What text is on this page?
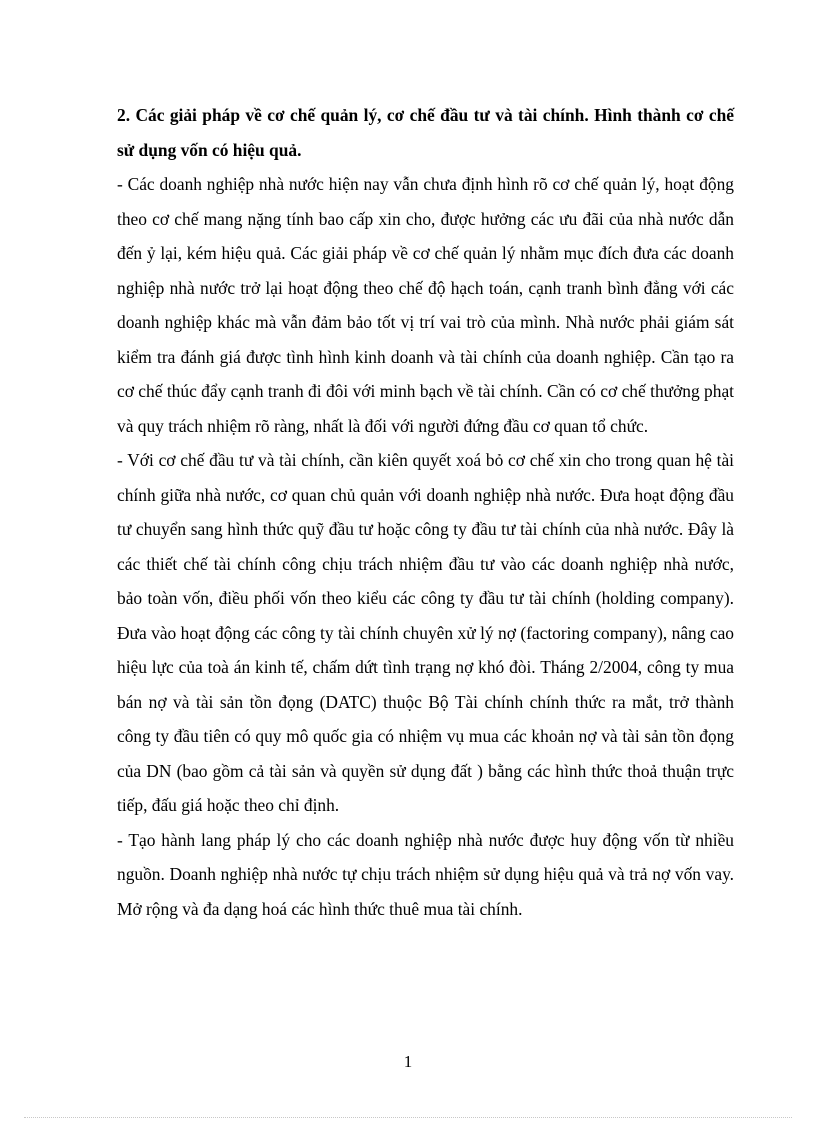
2. Các giải pháp về cơ chế quản lý, cơ chế đầu tư và tài chính. Hình thành cơ chế sử dụng vốn có hiệu quả.

- Các doanh nghiệp nhà nước hiện nay vẫn chưa định hình rõ cơ chế quản lý, hoạt động theo cơ chế mang nặng tính bao cấp xin cho, được hưởng các ưu đãi của nhà nước dẫn đến ỷ lại, kém hiệu quả. Các giải pháp về cơ chế quản lý nhằm mục đích đưa các doanh nghiệp nhà nước trở lại hoạt động theo chế độ hạch toán, cạnh tranh bình đẳng với các doanh nghiệp khác mà vẫn đảm bảo tốt vị trí vai trò của mình. Nhà nước phải giám sát kiểm tra đánh giá được tình hình kinh doanh và tài chính của doanh nghiệp. Cần tạo ra cơ chế thúc đẩy cạnh tranh đi đôi với minh bạch về tài chính. Cần có cơ chế thưởng phạt và quy trách nhiệm rõ ràng, nhất là đối với người đứng đầu cơ quan tổ chức.

- Với cơ chế đầu tư và tài chính, cần kiên quyết xoá bỏ cơ chế xin cho trong quan hệ tài chính giữa nhà nước, cơ quan chủ quản với doanh nghiệp nhà nước. Đưa hoạt động đầu tư chuyển sang hình thức quỹ đầu tư hoặc công ty đầu tư tài chính của nhà nước. Đây là các thiết chế tài chính công chịu trách nhiệm đầu tư vào các doanh nghiệp nhà nước, bảo toàn vốn, điều phối vốn theo kiểu các công ty đầu tư tài chính (holding company). Đưa vào hoạt động các công ty tài chính chuyên xử lý nợ (factoring company), nâng cao hiệu lực của toà án kinh tế, chấm dứt tình trạng nợ khó đòi. Tháng 2/2004, công ty mua bán nợ và tài sản tồn đọng (DATC) thuộc Bộ Tài chính chính thức ra mắt, trở thành công ty đầu tiên có quy mô quốc gia có nhiệm vụ mua các khoản nợ và tài sản tồn đọng của DN (bao gồm cả tài sản và quyền sử dụng đất ) bằng các hình thức thoả thuận trực tiếp, đấu giá hoặc theo chỉ định.

- Tạo hành lang pháp lý cho các doanh nghiệp nhà nước được huy động vốn từ nhiều nguồn. Doanh nghiệp nhà nước tự chịu trách nhiệm sử dụng hiệu quả và trả nợ vốn vay. Mở rộng và đa dạng hoá các hình thức thuê mua tài chính.

1
